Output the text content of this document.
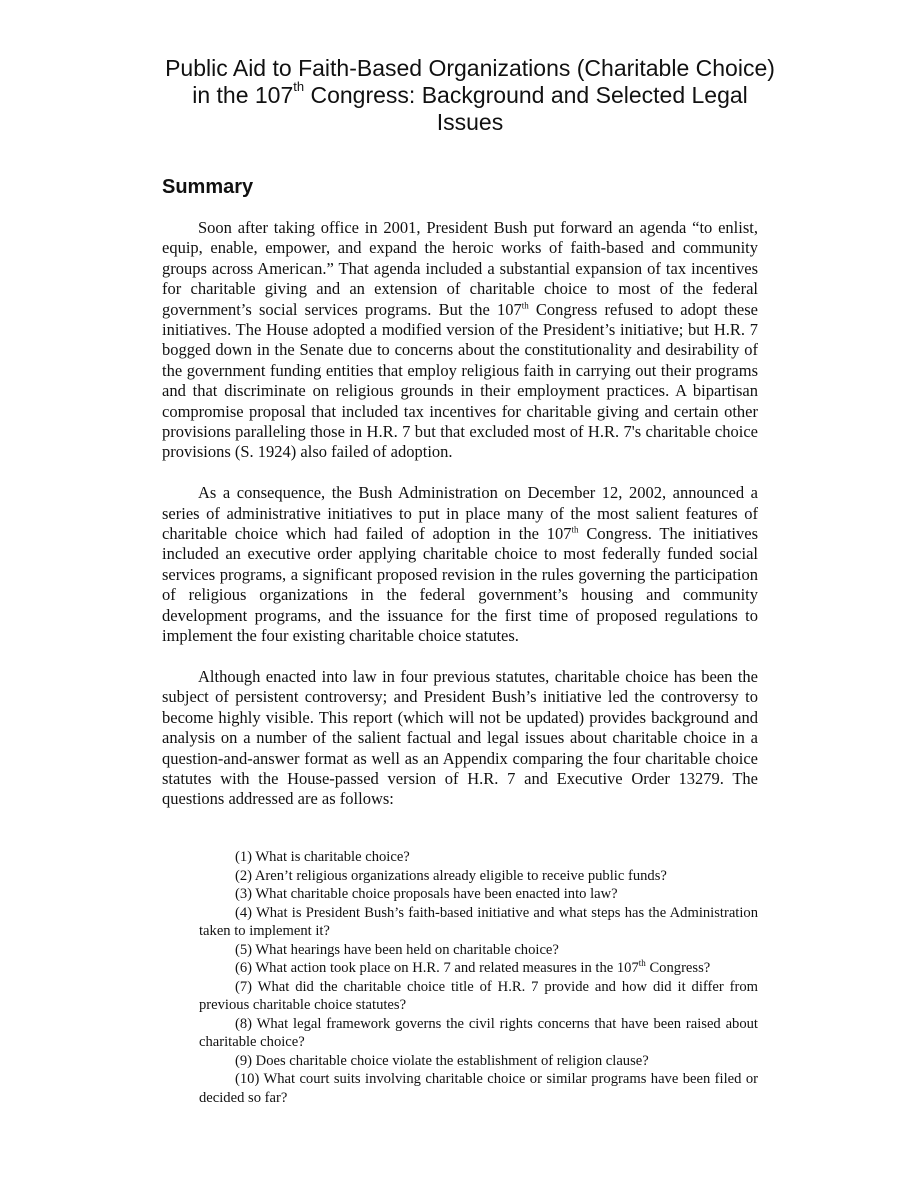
Public Aid to Faith-Based Organizations (Charitable Choice) in the 107th Congress: Background and Selected Legal Issues
Summary

Soon after taking office in 2001, President Bush put forward an agenda “to enlist, equip, enable, empower, and expand the heroic works of faith-based and community groups across American.” That agenda included a substantial expansion of tax incentives for charitable giving and an extension of charitable choice to most of the federal government’s social services programs. But the 107th Congress refused to adopt these initiatives. The House adopted a modified version of the President’s initiative; but H.R. 7 bogged down in the Senate due to concerns about the constitutionality and desirability of the government funding entities that employ religious faith in carrying out their programs and that discriminate on religious grounds in their employment practices. A bipartisan compromise proposal that included tax incentives for charitable giving and certain other provisions paralleling those in H.R. 7 but that excluded most of H.R. 7's charitable choice provisions (S. 1924) also failed of adoption.

As a consequence, the Bush Administration on December 12, 2002, announced a series of administrative initiatives to put in place many of the most salient features of charitable choice which had failed of adoption in the 107th Congress. The initiatives included an executive order applying charitable choice to most federally funded social services programs, a significant proposed revision in the rules governing the participation of religious organizations in the federal government’s housing and community development programs, and the issuance for the first time of proposed regulations to implement the four existing charitable choice statutes.

Although enacted into law in four previous statutes, charitable choice has been the subject of persistent controversy; and President Bush’s initiative led the controversy to become highly visible. This report (which will not be updated) provides background and analysis on a number of the salient factual and legal issues about charitable choice in a question-and-answer format as well as an Appendix comparing the four charitable choice statutes with the House-passed version of H.R. 7 and Executive Order 13279. The questions addressed are as follows:

(1) What is charitable choice?
(2) Aren’t religious organizations already eligible to receive public funds?
(3) What charitable choice proposals have been enacted into law?
(4) What is President Bush’s faith-based initiative and what steps has the Administration taken to implement it?
(5) What hearings have been held on charitable choice?
(6) What action took place on H.R. 7 and related measures in the 107th Congress?
(7) What did the charitable choice title of H.R. 7 provide and how did it differ from previous charitable choice statutes?
(8) What legal framework governs the civil rights concerns that have been raised about charitable choice?
(9) Does charitable choice violate the establishment of religion clause?
(10) What court suits involving charitable choice or similar programs have been filed or decided so far?
